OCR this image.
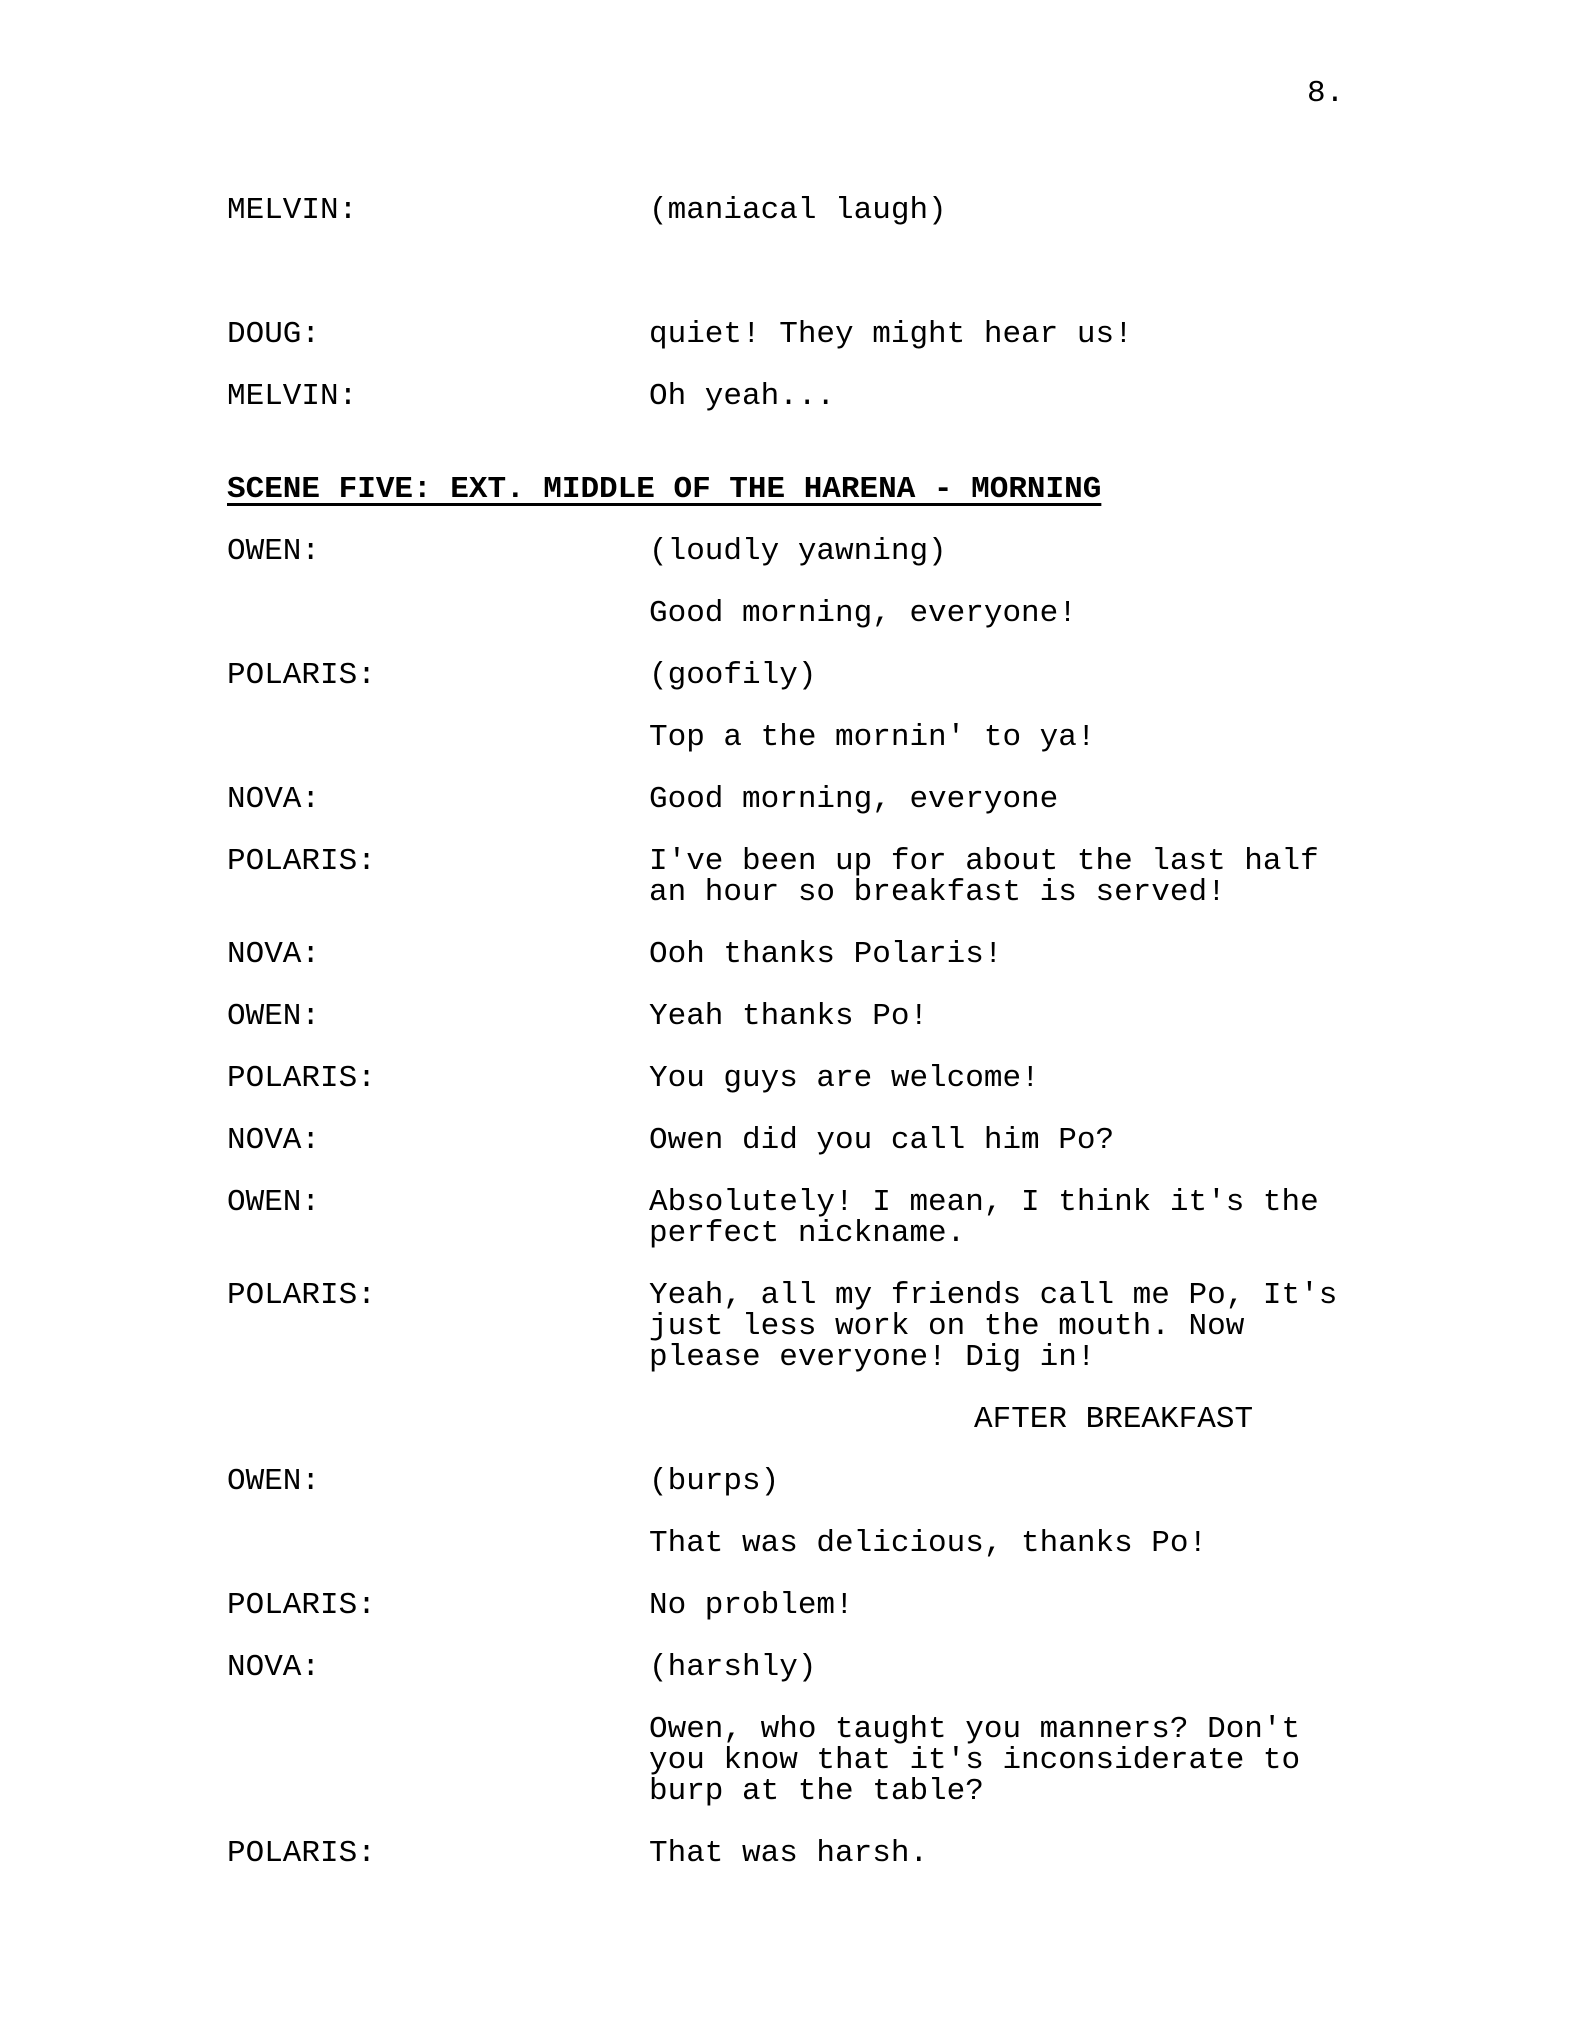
8.
MELVIN:	(maniacal laugh)
DOUG:	quiet! They might hear us!
MELVIN:	Oh yeah...
SCENE FIVE: EXT. MIDDLE OF THE HARENA - MORNING
OWEN:	(loudly yawning)
Good morning, everyone!
POLARIS:	(goofily)
Top a the mornin' to ya!
NOVA:	Good morning, everyone
POLARIS:	I've been up for about the last half
an hour so breakfast is served!
NOVA:	Ooh thanks Polaris!
OWEN:	Yeah thanks Po!
POLARIS:	You guys are welcome!
NOVA:	Owen did you call him Po?
OWEN:	Absolutely! I mean, I think it's the
perfect nickname.
POLARIS:	Yeah, all my friends call me Po, It's
just less work on the mouth. Now
please everyone! Dig in!
AFTER BREAKFAST
OWEN:	(burps)
That was delicious, thanks Po!
POLARIS:	No problem!
NOVA:	(harshly)
Owen, who taught you manners? Don't
you know that it's inconsiderate to
burp at the table?
POLARIS:	That was harsh.
